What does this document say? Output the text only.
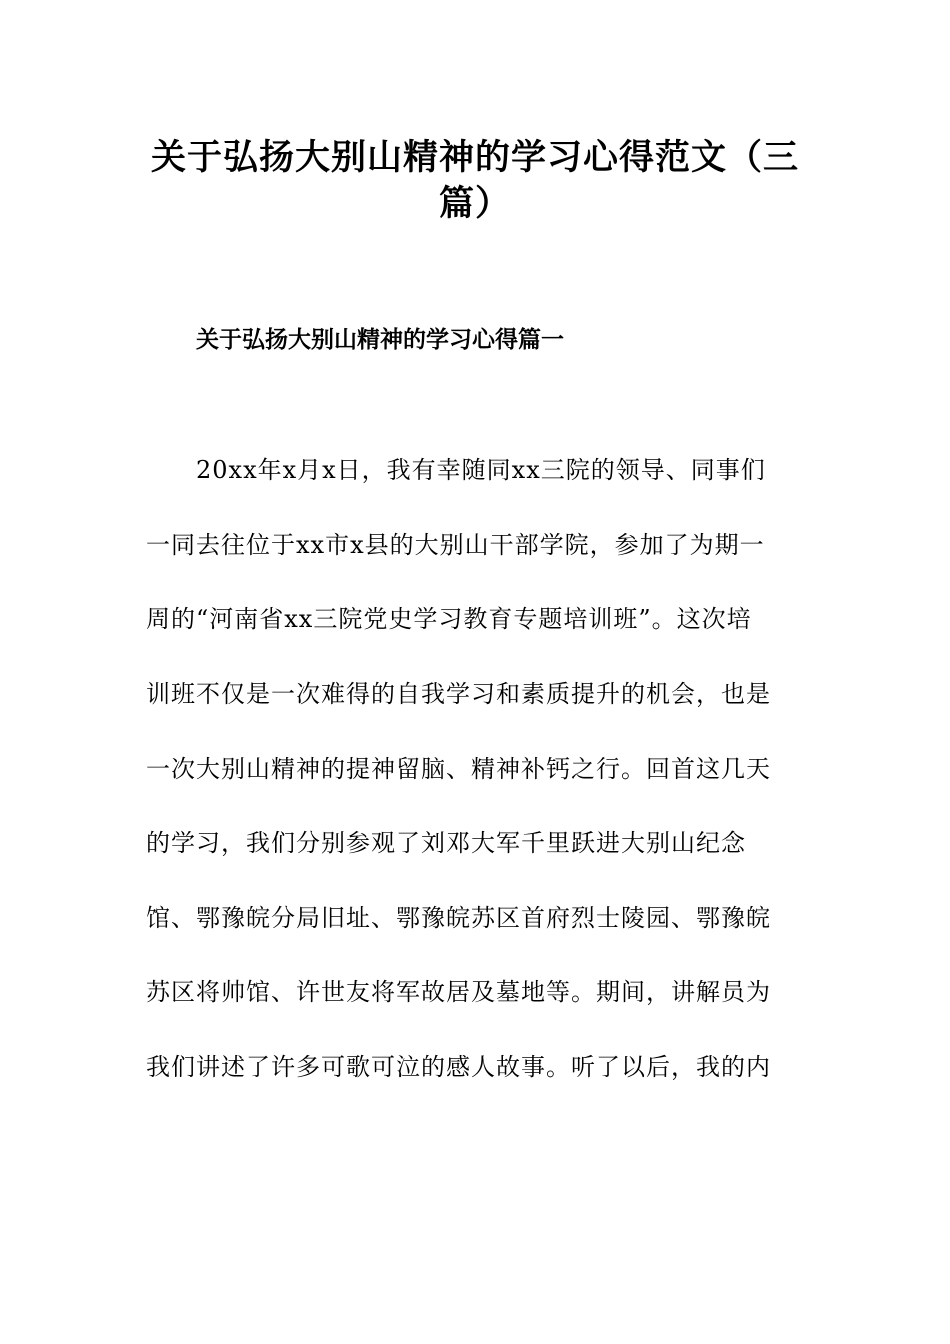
关于弘扬大别山精神的学习心得范文（三
篇）
关于弘扬大别山精神的学习心得篇一
　　20xx年x月x日，我有幸随同xx三院的领导、同事们
一同去往位于xx市x县的大别山干部学院，参加了为期一
周的“河南省xx三院党史学习教育专题培训班”。这次培
训班不仅是一次难得的自我学习和素质提升的机会，也是
一次大别山精神的提神留脑、精神补钙之行。回首这几天
的学习，我们分别参观了刘邓大军千里跃进大别山纪念
馆、鄂豫皖分局旧址、鄂豫皖苏区首府烈士陵园、鄂豫皖
苏区将帅馆、许世友将军故居及墓地等。期间，讲解员为
我们讲述了许多可歌可泣的感人故事。听了以后，我的内
